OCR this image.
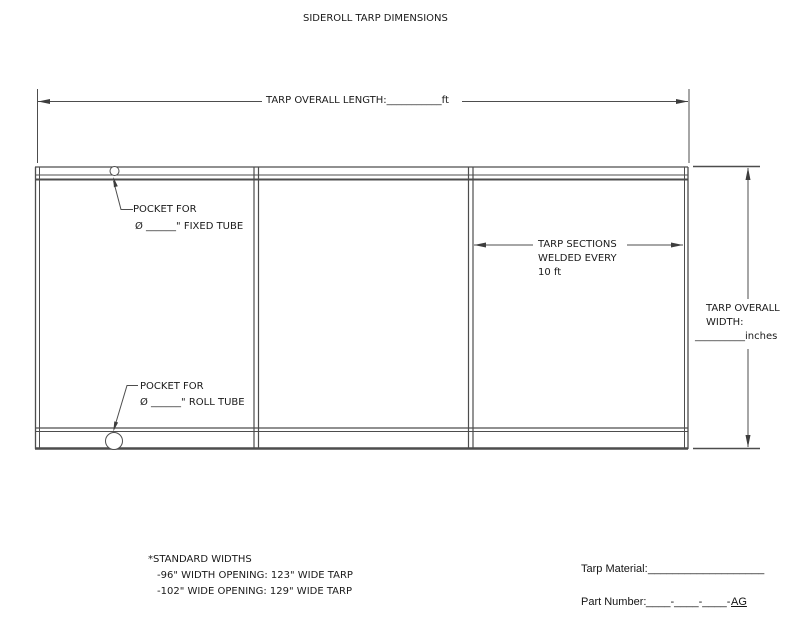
SIDEROLL TARP DIMENSIONS
TARP OVERALL LENGTH:___________ft
POCKET FOR
Ø ______" FIXED TUBE
TARP SECTIONS
WELDED EVERY
10 ft
TARP OVERALL
WIDTH:
__________inches
POCKET FOR
Ø ______" ROLL TUBE
*STANDARD WIDTHS
-96" WIDTH OPENING: 123" WIDE TARP
-102" WIDE OPENING: 129" WIDE TARP
Tarp Material: ___________________
Part Number: ____-____-____- AG
